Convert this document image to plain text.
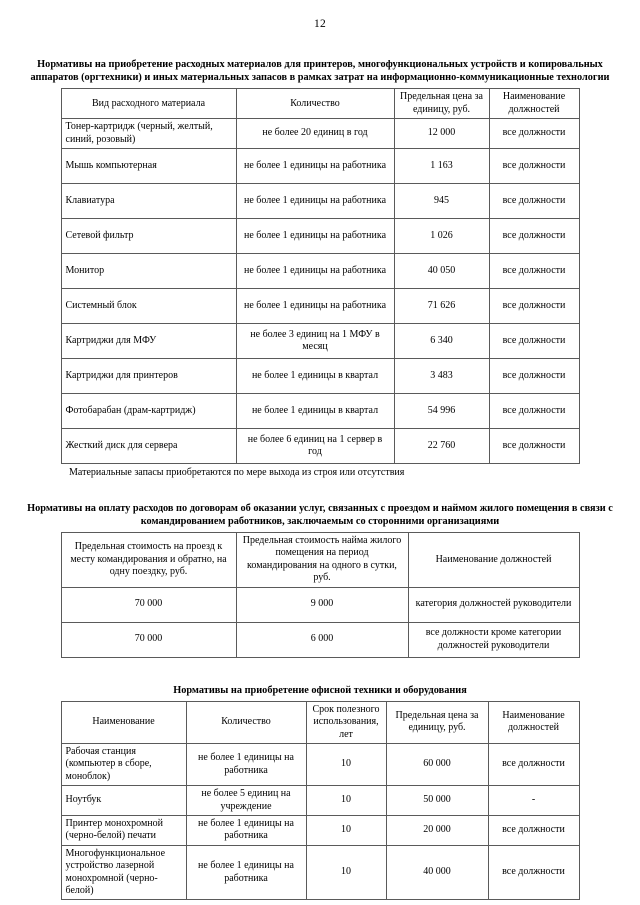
12
Нормативы на приобретение расходных материалов для принтеров, многофункциональных устройств и копировальных аппаратов (оргтехники) и иных материальных запасов в рамках затрат на информационно-коммуникационные технологии
Вид расходного материала	Количество	Предельная цена за единицу, руб.	Наименование должностей
Тонер-картридж (черный, желтый, синий, розовый)	не более 20 единиц в год	12 000	все должности
Мышь компьютерная	не более 1 единицы на работника	1 163	все должности
Клавиатура	не более 1 единицы на работника	945	все должности
Сетевой фильтр	не более 1 единицы на работника	1 026	все должности
Монитор	не более 1 единицы на работника	40 050	все должности
Системный блок	не более 1 единицы на работника	71 626	все должности
Картриджи для МФУ	не более 3 единиц на 1 МФУ в месяц	6 340	все должности
Картриджи для принтеров	не более 1 единицы в квартал	3 483	все должности
Фотобарабан (драм-картридж)	не более 1 единицы в квартал	54 996	все должности
Жесткий диск для сервера	не более 6 единиц на 1 сервер в год	22 760	все должности
Материальные запасы приобретаются по мере выхода из строя или отсутствия
Нормативы на оплату расходов по договорам об оказании услуг, связанных с проездом и наймом жилого помещения в связи с командированием работников, заключаемым со сторонними организациями
Предельная стоимость на проезд к месту командирования и обратно, на одну поездку, руб.	Предельная стоимость найма жилого помещения на период командирования на одного в сутки, руб.	Наименование должностей
70 000	9 000	категория должностей руководители
70 000	6 000	все должности кроме категории должностей руководители
Нормативы на приобретение офисной техники и оборудования
Наименование	Количество	Срок полезного использования, лет	Предельная цена за единицу, руб.	Наименование должностей
Рабочая станция (компьютер в сборе, моноблок)	не более 1 единицы на работника	10	60 000	все должности
Ноутбук	не более 5 единиц на учреждение	10	50 000	-
Принтер монохромной (черно-белой) печати	не более 1 единицы на работника	10	20 000	все должности
Многофункциональное устройство лазерной монохромной (черно-белой)	не более 1 единицы на работника	10	40 000	все должности
